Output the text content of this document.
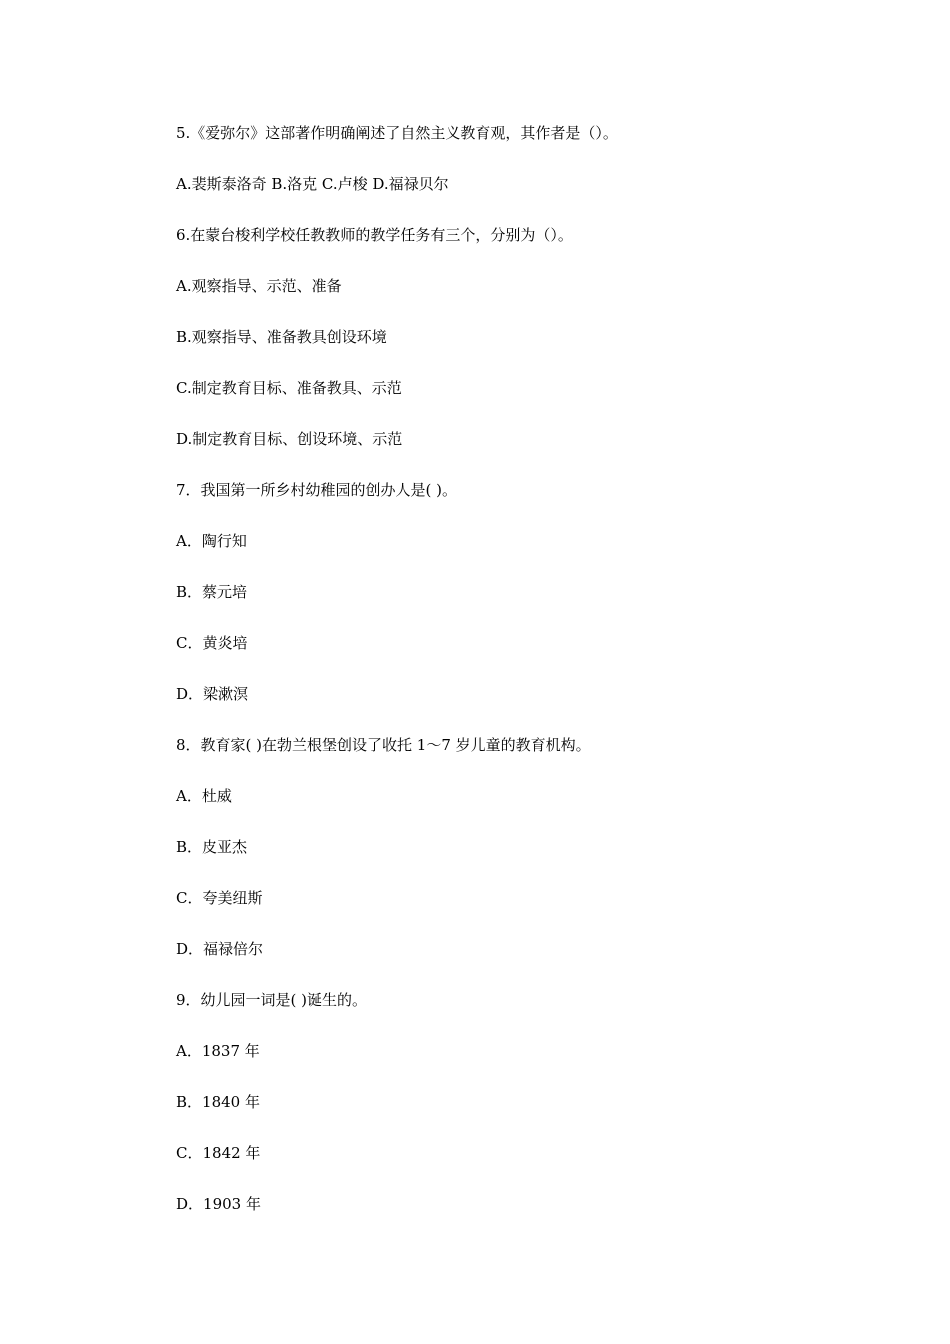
5.《爱弥尔》这部著作明确阐述了自然主义教育观，其作者是（）。
A.裴斯泰洛奇 B.洛克 C.卢梭 D.福禄贝尔
6.在蒙台梭利学校任教教师的教学任务有三个，分别为（）。
A.观察指导、示范、准备
B.观察指导、准备教具创设环境
C.制定教育目标、准备教具、示范
D.制定教育目标、创设环境、示范
7．我国第一所乡村幼稚园的创办人是( )。
A．陶行知
B．蔡元培
C．黄炎培
D．梁漱溟
8．教育家( )在勃兰根堡创设了收托 1～7 岁儿童的教育机构。
A．杜威
B．皮亚杰
C．夸美纽斯
D．福禄倍尔
9．幼儿园一词是( )诞生的。
A．1837 年
B．1840 年
C．1842 年
D．1903 年
